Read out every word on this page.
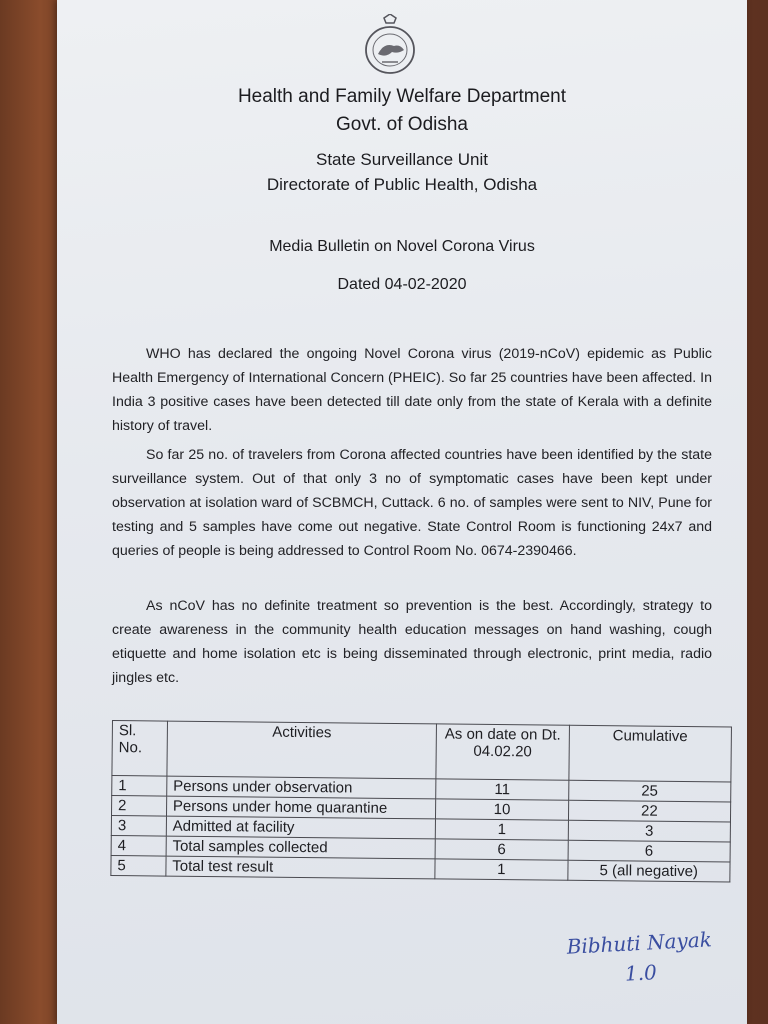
Health and Family Welfare Department
Govt. of Odisha
State Surveillance Unit
Directorate of Public Health, Odisha
Media Bulletin on Novel Corona Virus
Dated 04-02-2020

WHO has declared the ongoing Novel Corona virus (2019-nCoV) epidemic as Public Health Emergency of International Concern (PHEIC). So far 25 countries have been affected. In India 3 positive cases have been detected till date only from the state of Kerala with a definite history of travel.

So far 25 no. of travelers from Corona affected countries have been identified by the state surveillance system. Out of that only 3 no of symptomatic cases have been kept under observation at isolation ward of SCBMCH, Cuttack. 6 no. of samples were sent to NIV, Pune for testing and 5 samples have come out negative. State Control Room is functioning 24x7 and queries of people is being addressed to Control Room No. 0674-2390466.

As nCoV has no definite treatment so prevention is the best. Accordingly, strategy to create awareness in the community health education messages on hand washing, cough etiquette and home isolation etc is being disseminated through electronic, print media, radio jingles etc.

Sl. No.	Activities	As on date on Dt. 04.02.20	Cumulative
1	Persons under observation	11	25
2	Persons under home quarantine	10	22
3	Admitted at facility	1	3
4	Total samples collected	6	6
5	Total test result	1	5 (all negative)
Bibhuti Nayak
1.0
